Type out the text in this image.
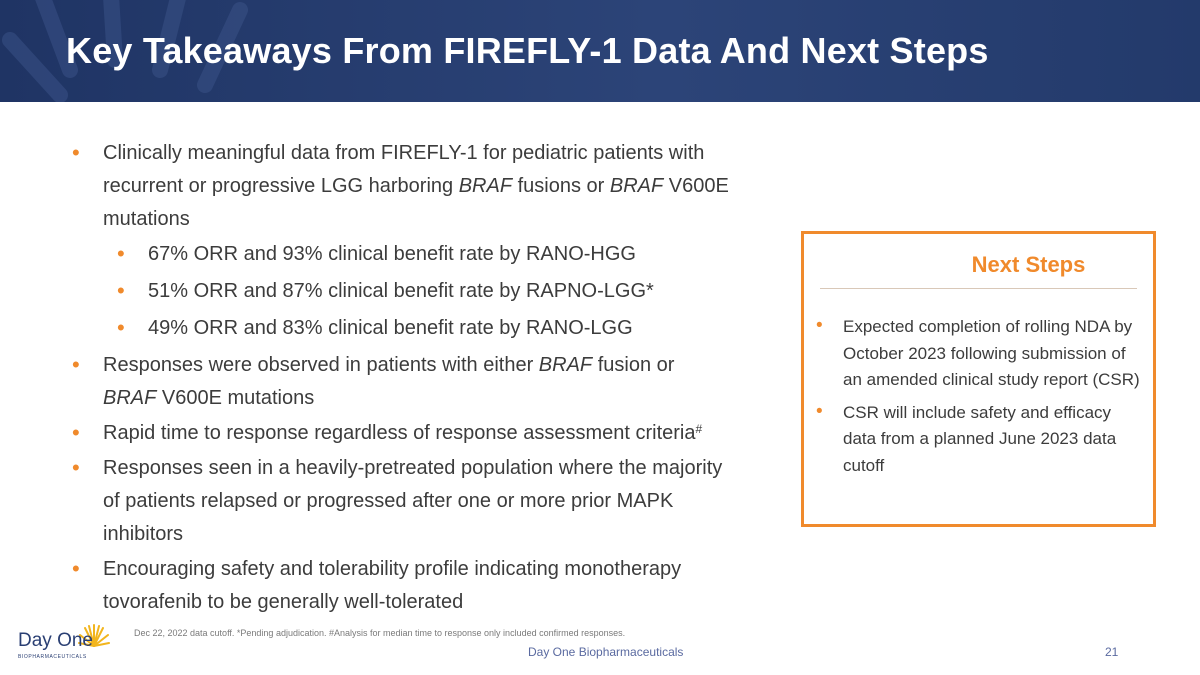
Key Takeaways From FIREFLY-1 Data And Next Steps
• Clinically meaningful data from FIREFLY-1 for pediatric patients with recurrent or progressive LGG harboring BRAF fusions or BRAF V600E mutations
• 67% ORR and 93% clinical benefit rate by RANO-HGG
• 51% ORR and 87% clinical benefit rate by RAPNO-LGG*
• 49% ORR and 83% clinical benefit rate by RANO-LGG
• Responses were observed in patients with either BRAF fusion or BRAF V600E mutations
• Rapid time to response regardless of response assessment criteria#
• Responses seen in a heavily-pretreated population where the majority of patients relapsed or progressed after one or more prior MAPK inhibitors
• Encouraging safety and tolerability profile indicating monotherapy tovorafenib to be generally well-tolerated
Next Steps
• Expected completion of rolling NDA by October 2023 following submission of an amended clinical study report (CSR)
• CSR will include safety and efficacy data from a planned June 2023 data cutoff
Day One
BIOPHARMACEUTICALS
Dec 22, 2022 data cutoff. *Pending adjudication. #Analysis for median time to response only included confirmed responses.
Day One Biopharmaceuticals	21
